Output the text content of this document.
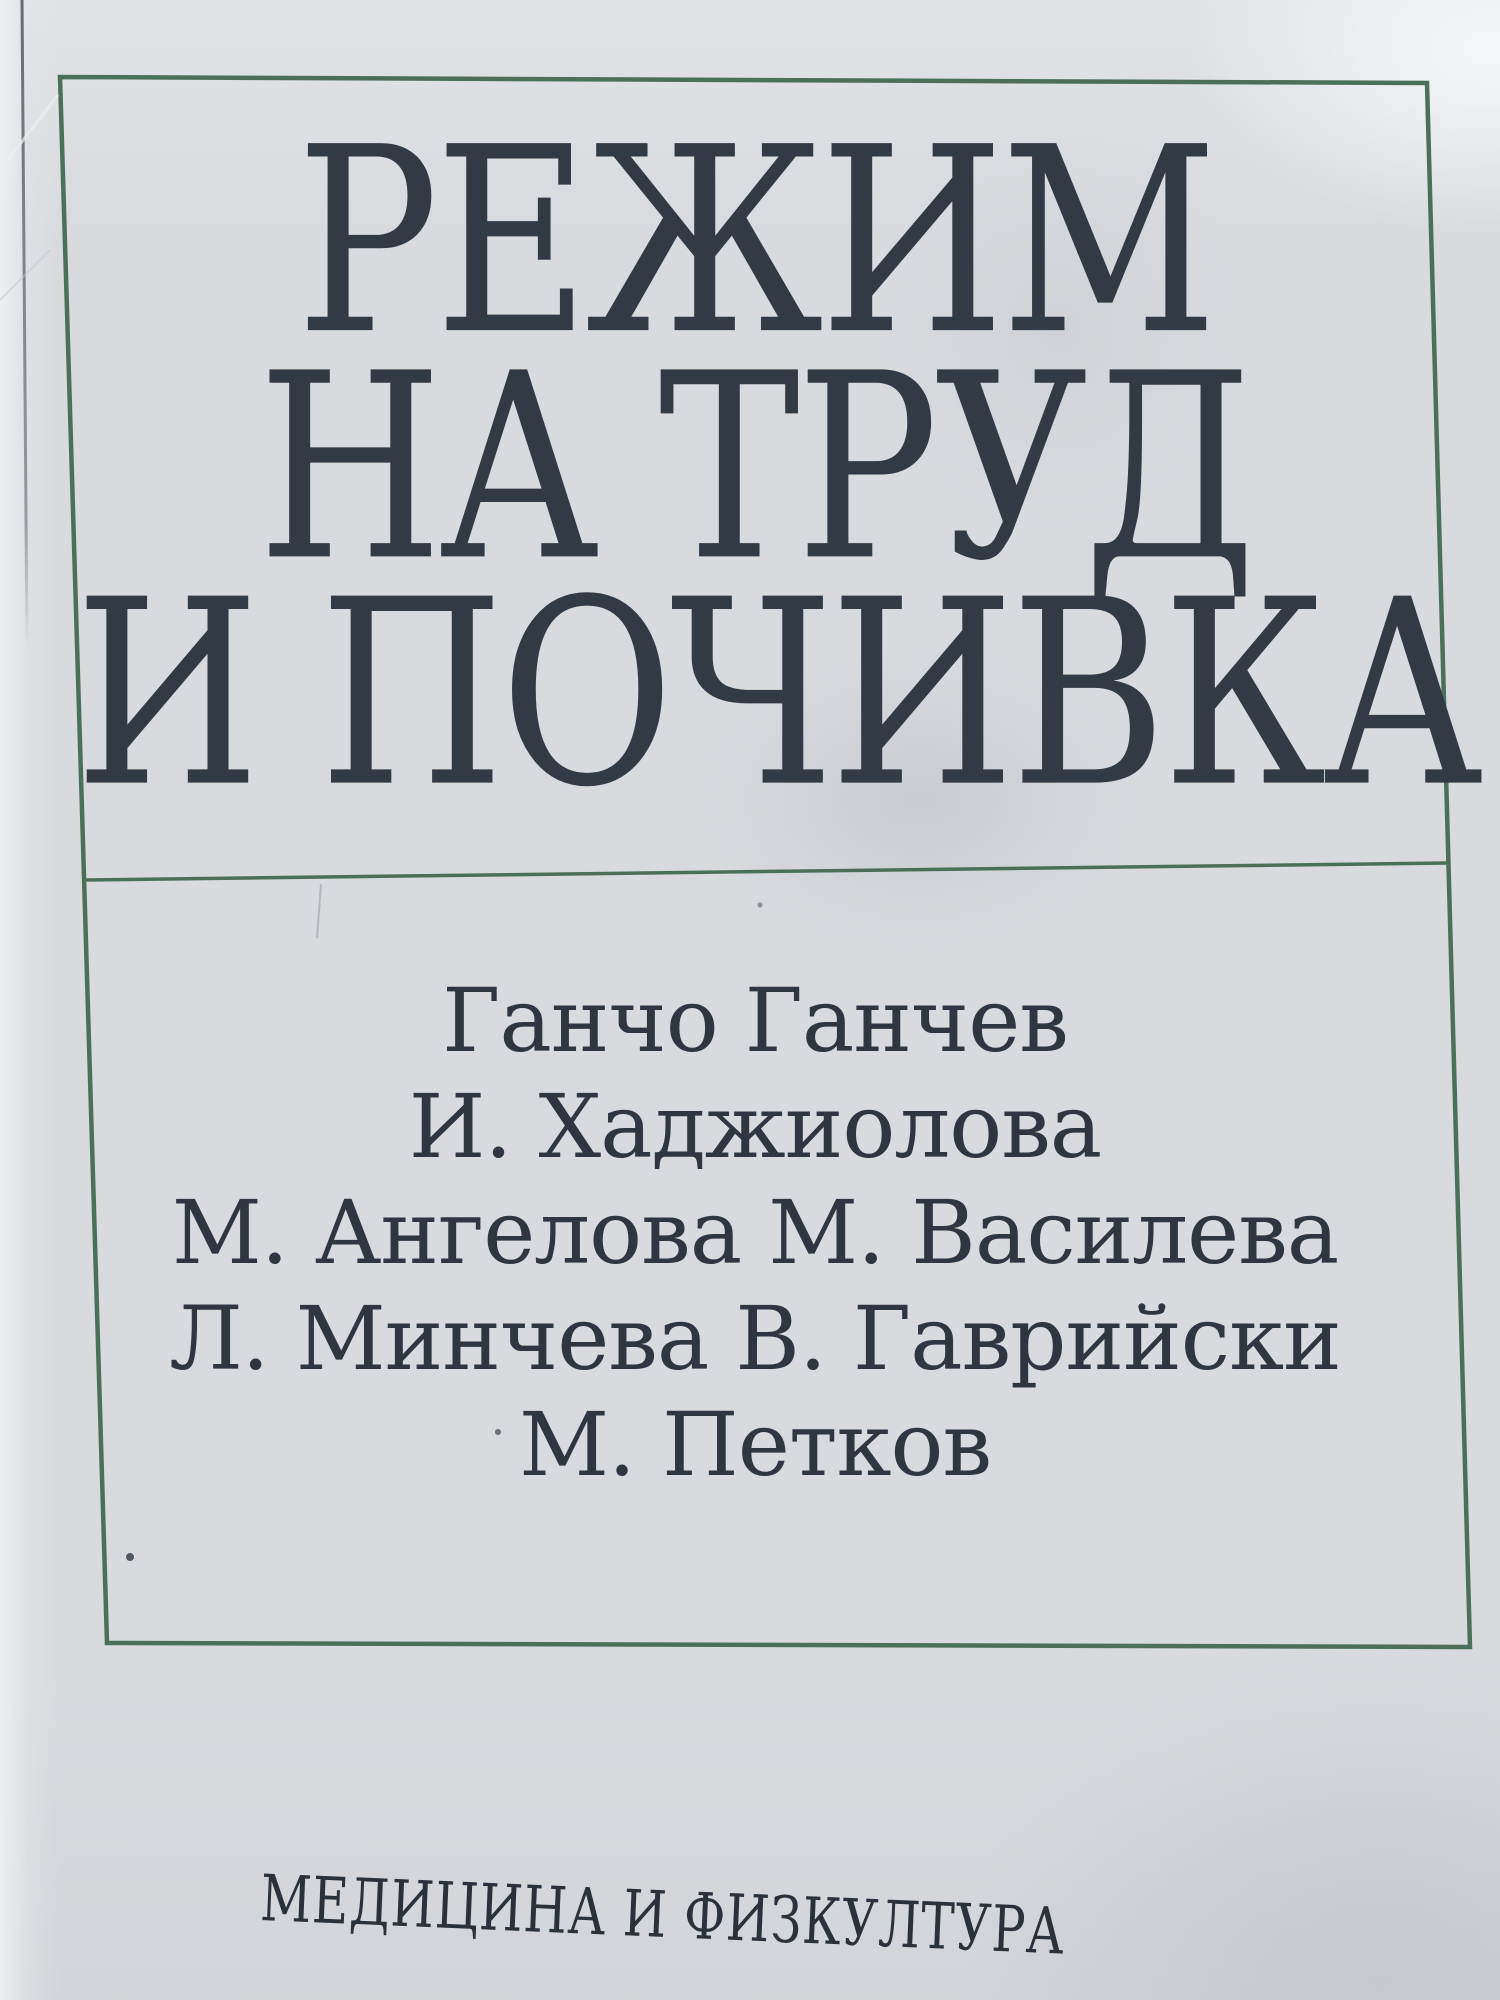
РЕЖИМ
НА ТРУД
И ПОЧИВКА
Ганчо Ганчев
И. Хаджиолова
М. Ангелова М. Василева
Л. Минчева В. Гаврийски
М. Петков
МЕДИЦИНА И ФИЗКУЛТУРА
